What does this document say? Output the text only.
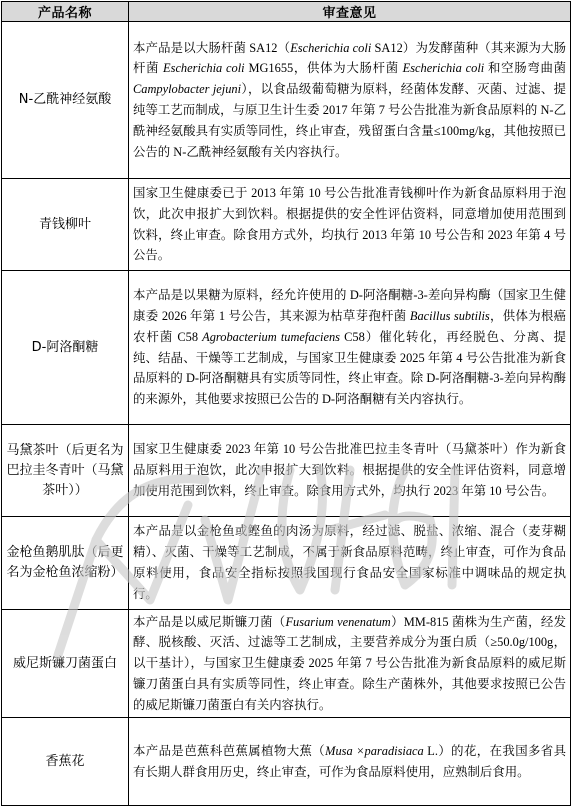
产品名称	审查意见
N-乙酰神经氨酸	本产品是以大肠杆菌 SA12（Escherichia coli SA12）为发酵菌种（其来源为大肠杆菌 Escherichia coli MG1655，供体为大肠杆菌 Escherichia coli 和空肠弯曲菌 Campylobacter jejuni），以食品级葡萄糖为原料，经菌体发酵、灭菌、过滤、提纯等工艺而制成，与原卫生计生委 2017 年第 7 号公告批准为新食品原料的 N-乙酰神经氨酸具有实质等同性，终止审查，残留蛋白含量≤100mg/kg，其他按照已公告的 N-乙酰神经氨酸有关内容执行。
青钱柳叶	国家卫生健康委已于 2013 年第 10 号公告批准青钱柳叶作为新食品原料用于泡饮，此次申报扩大到饮料。根据提供的安全性评估资料，同意增加使用范围到饮料，终止审查。除食用方式外，均执行 2013 年第 10 号公告和 2023 年第 4 号公告。
D-阿洛酮糖	本产品是以果糖为原料，经允许使用的 D-阿洛酮糖-3-差向异构酶（国家卫生健康委 2026 年第 1 号公告，其来源为枯草芽孢杆菌 Bacillus subtilis，供体为根癌农杆菌 C58 Agrobacterium tumefaciens C58）催化转化，再经脱色、分离、提纯、结晶、干燥等工艺制成，与国家卫生健康委 2025 年第 4 号公告批准为新食品原料的 D-阿洛酮糖具有实质等同性，终止审查。除 D-阿洛酮糖-3-差向异构酶的来源外，其他要求按照已公告的 D-阿洛酮糖有关内容执行。
马黛茶叶（后更名为巴拉圭冬青叶（马黛茶叶））	国家卫生健康委 2023 年第 10 号公告批准巴拉圭冬青叶（马黛茶叶）作为新食品原料用于泡饮，此次申报扩大到饮料。根据提供的安全性评估资料，同意增加使用范围到饮料，终止审查。除食用方式外，均执行 2023 年第 10 号公告。
金枪鱼鹅肌肽（后更名为金枪鱼浓缩粉）	本产品是以金枪鱼或鲣鱼的肉汤为原料，经过滤、脱盐、浓缩、混合（麦芽糊精）、灭菌、干燥等工艺制成，不属于新食品原料范畴，终止审查，可作为食品原料使用，食品安全指标按照我国现行食品安全国家标准中调味品的规定执行。
威尼斯镰刀菌蛋白	本产品是以威尼斯镰刀菌（Fusarium venenatum）MM-815 菌株为生产菌，经发酵、脱核酸、灭活、过滤等工艺制成，主要营养成分为蛋白质（≥50.0g/100g，以干基计），与国家卫生健康委 2025 年第 7 号公告批准为新食品原料的威尼斯镰刀菌蛋白具有实质等同性，终止审查。除生产菌株外，其他要求按照已公告的威尼斯镰刀菌蛋白有关内容执行。
香蕉花	本产品是芭蕉科芭蕉属植物大蕉（Musa ×paradisiaca L.）的花，在我国多省具有长期人群食用历史，终止审查，可作为食品原料使用，应熟制后食用。
